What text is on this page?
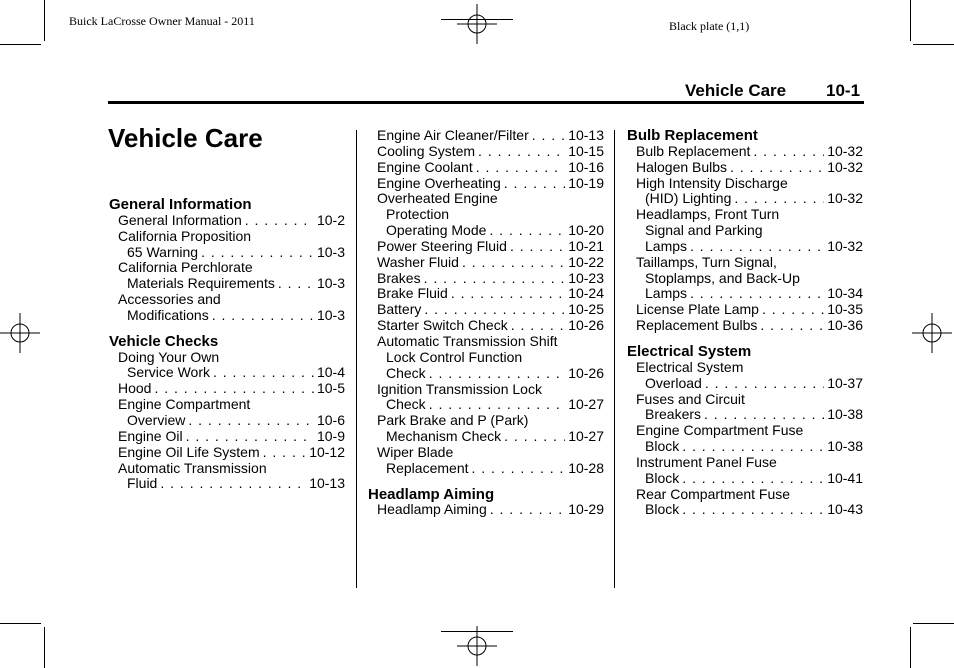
Buick LaCrosse Owner Manual - 2011	Black plate (1,1)
Vehicle Care 10-1
Vehicle Care
General Information
General Information . . .	10-2
California Proposition
65 Warning . . .	10-3
California Perchlorate
Materials Requirements . . .	10-3
Accessories and
Modifications . . .	10-3
Vehicle Checks
Doing Your Own
Service Work . . .	10-4
Hood . . .	10-5
Engine Compartment
Overview . . .	10-6
Engine Oil . . .	10-9
Engine Oil Life System . . .	10-12
Automatic Transmission
Fluid . . .	10-13
Engine Air Cleaner/Filter . . .	10-13
Cooling System . . .	10-15
Engine Coolant . . .	10-16
Engine Overheating . . .	10-19
Overheated Engine
Protection
Operating Mode . . .	10-20
Power Steering Fluid . . .	10-21
Washer Fluid . . .	10-22
Brakes . . .	10-23
Brake Fluid . . .	10-24
Battery . . .	10-25
Starter Switch Check . . .	10-26
Automatic Transmission Shift
Lock Control Function
Check . . .	10-26
Ignition Transmission Lock
Check . . .	10-27
Park Brake and P (Park)
Mechanism Check . . .	10-27
Wiper Blade
Replacement . . .	10-28
Headlamp Aiming
Headlamp Aiming . . .	10-29
Bulb Replacement
Bulb Replacement . . .	10-32
Halogen Bulbs . . .	10-32
High Intensity Discharge
(HID) Lighting . . .	10-32
Headlamps, Front Turn
Signal and Parking
Lamps . . .	10-32
Taillamps, Turn Signal,
Stoplamps, and Back-Up
Lamps . . .	10-34
License Plate Lamp . . .	10-35
Replacement Bulbs . . .	10-36
Electrical System
Electrical System
Overload . . .	10-37
Fuses and Circuit
Breakers . . .	10-38
Engine Compartment Fuse
Block . . .	10-38
Instrument Panel Fuse
Block . . .	10-41
Rear Compartment Fuse
Block . . .	10-43
